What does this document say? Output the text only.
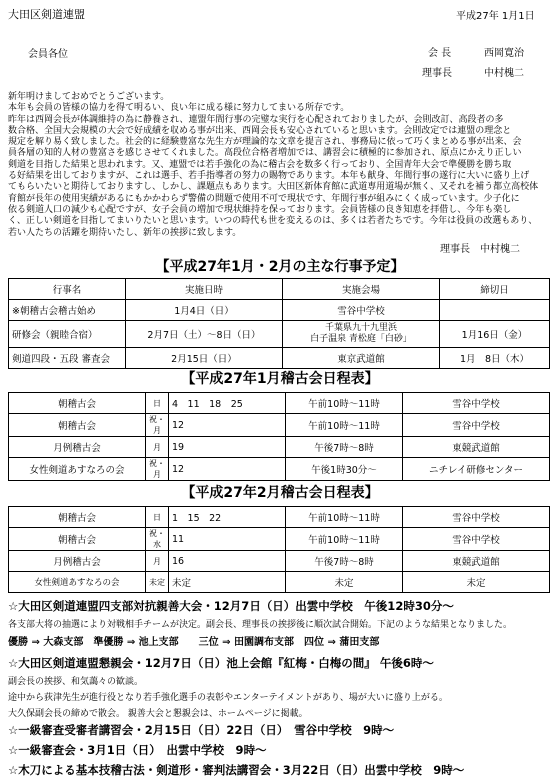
大田区剣道連盟	平成27年 1月1日
会員各位	会 長	西岡寛治
理事長	中村槐二

新年明けましておめでとうございます。

本年も会員の皆様の協力を得て明るい、良い年に成る様に努力してまいる所存です。

昨年は西岡会長が体調維持の為に静養され、連盟年間行事の完璧な実行を心配されておりましたが、会則改訂、高段者の多

数合格、全国大会規模の大会で好成績を収める事が出来、西岡会長も安心されていると思います。会則改定では連盟の理念と

規定を解り易く致しました。社会的に経験豊富な先生方が理論的な文章を提言され、事務局に依って巧くまとめる事が出来、会

員各層の知的人材の豊富さを感じさせてくれました。高段位合格者増加では、講習会に積極的に参加され、原点にかえり正しい

剣道を目指した結果と思われます。又、連盟では若手強化の為に稽古会を数多く行っており、全国青年大会で準優勝を勝ち取

る好結果を出しておりますが、これは選手、若手指導者の努力の賜物であります。本年も献身、年間行事の遂行に大いに盛り上げ

てもらいたいと期待しておりますし、しかし、課題点もあります。大田区新体育館に武道専用道場が無く、又それを補う都立高校体

育館が長年の使用実績があるにもかかわらず警備の問題で使用不可で現状です、年間行事が組みにくく成っています。少子化に

依る剣道人口の減少も心配ですが、女子会員の増加で現状維持を保っております。会員皆様の良き知恵を拝借し、今年も楽し

く、正しい剣道を目指してまいりたいと思います。いつの時代も世を変えるのは、多くは若者たちです。今年は役員の改選もあり、

若い人たちの活躍を期待いたし、新年の挨拶に致します。

理事長　中村槐二
【平成27年1月・2月の主な行事予定】
行事名	実施日時	実施会場	締切日
※朝稽古会稽古始め	1月4日（日）	雪谷中学校	
研修会（親睦合宿）	2月7日（土）～8日（日）	千葉県九十九里浜
白子温泉 青松庭「白砂」	1月16日（金）
剣道四段・五段 審査会	2月15日（日）	東京武道館	1月　8日（木）
【平成27年1月稽古会日程表】
朝稽古会	日	4　11　18　25	午前10時～11時	雪谷中学校
朝稽古会	祝・月	12	午前10時～11時	雪谷中学校
月例稽古会	月	19	午後7時～8時	東競武道館
女性剣道あすなろの会	祝・月	12	午後1時30分～	ニチレイ研修センター
【平成27年2月稽古会日程表】
朝稽古会	日	1　15　22	午前10時～11時	雪谷中学校
朝稽古会	祝・水	11	午前10時～11時	雪谷中学校
月例稽古会	月	16	午後7時～8時	東競武道館
女性剣道あすなろの会	未定	未定	未定	未定
☆大田区剣道連盟四支部対抗親善大会・12月7日（日）出雲中学校　午後12時30分～
各支部大将の抽選により対戦相手チームが決定。副会長、理事長の挨拶後に順次試合開始。下記のような結果となりました。
優勝 ⇒ 大森支部　準優勝 ⇒ 池上支部　　三位 ⇒ 田園調布支部　四位 ⇒ 蒲田支部
☆大田区剣道連盟懇親会・12月7日（日）池上会館『紅梅・白梅の間』 午後6時～
副会長の挨拶、和気藹々の歓談。
途中から荻津先生が進行役となり若手強化選手の表彰やエンターテイメントがあり、場が大いに盛り上がる。
大久保副会長の締めで散会。 親善大会と懇親会は、ホームページに掲載。
☆一級審査受審者講習会・2月15日（日）22日（日）　雪谷中学校　9時～
☆一級審査会・3月1日（日）　出雲中学校　9時～
☆木刀による基本技稽古法・剣道形・審判法講習会・3月22日（日）出雲中学校　9時～
